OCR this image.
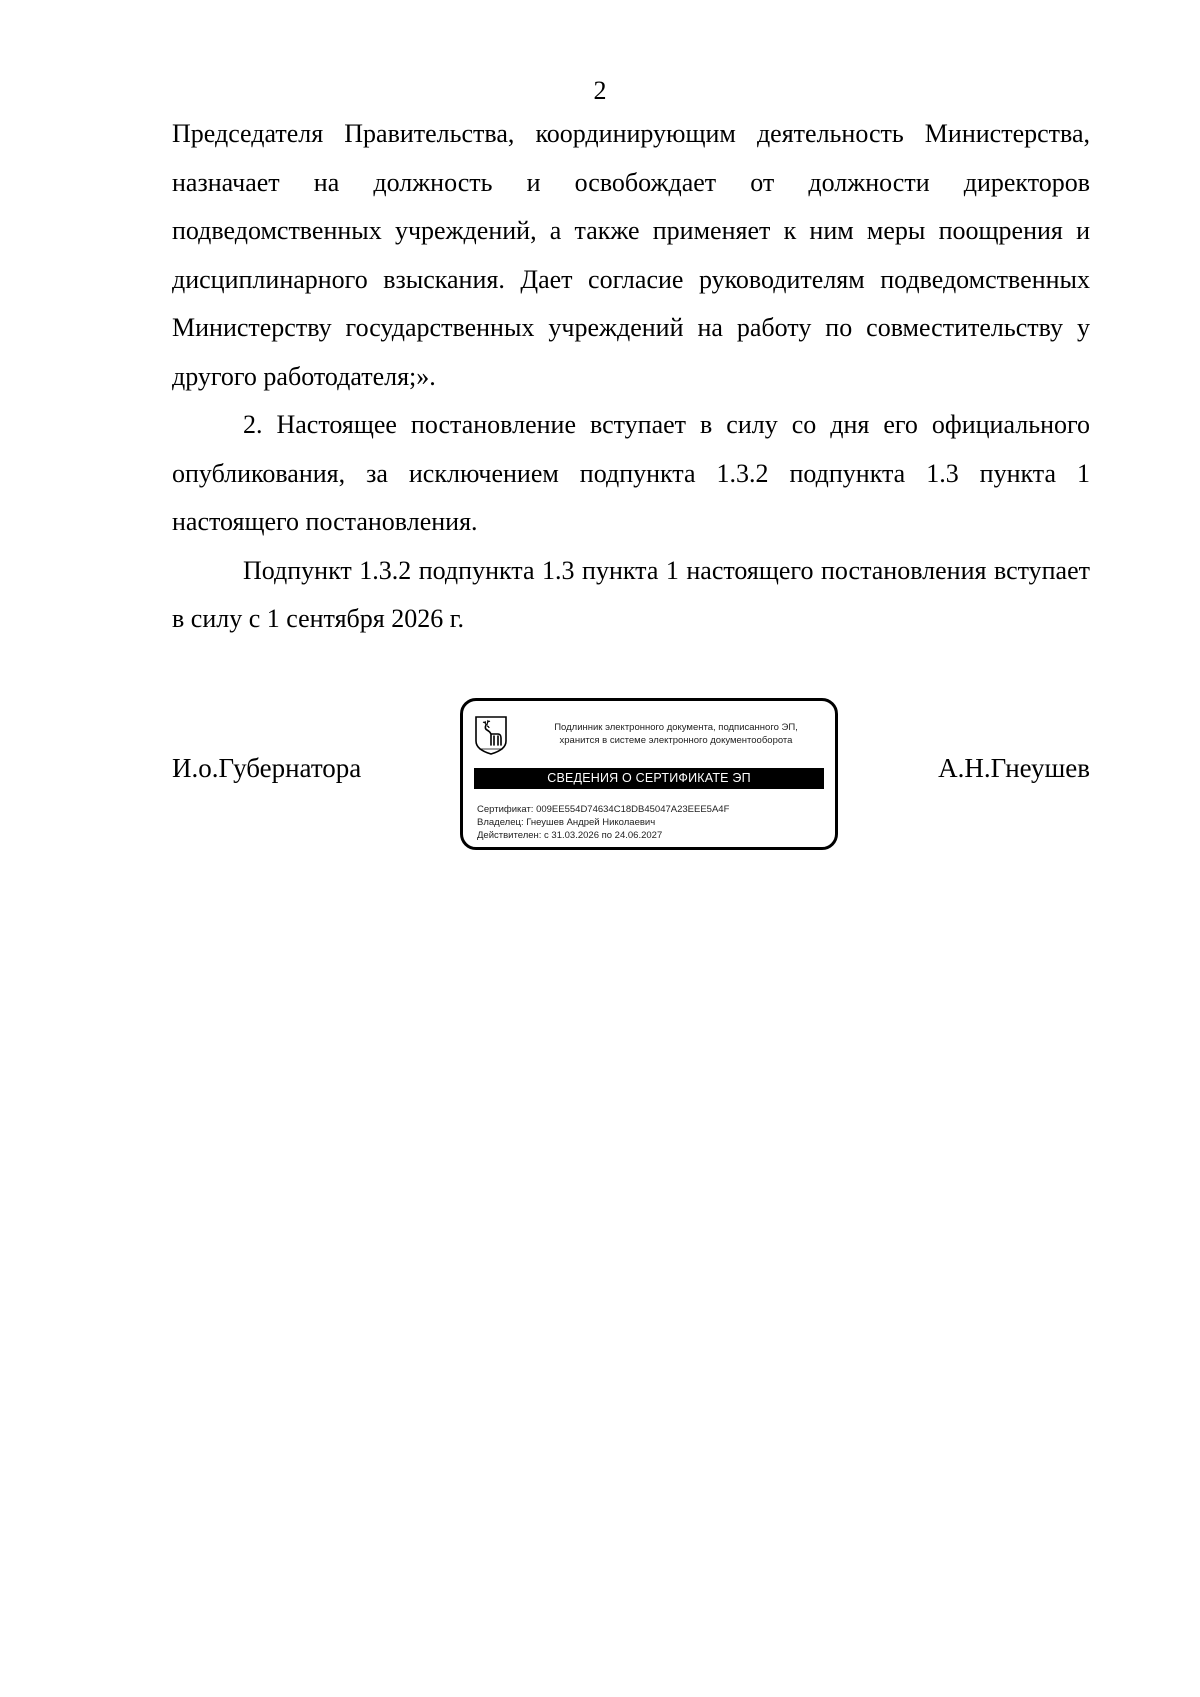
2

Председателя Правительства, координирующим деятельность Министерства, назначает на должность и освобождает от должности директоров подведомственных учреждений, а также применяет к ним меры поощрения и дисциплинарного взыскания. Дает согласие руководителям подведомственных Министерству государственных учреждений на работу по совместительству у другого работодателя;».

2. Настоящее постановление вступает в силу со дня его официального опубликования, за исключением подпункта 1.3.2 подпункта 1.3 пункта 1 настоящего постановления.

Подпункт 1.3.2 подпункта 1.3 пункта 1 настоящего постановления вступает в силу с 1 сентября 2026 г.

И.о.Губернатора
Подлинник электронного документа, подписанного ЭП,
хранится в системе электронного документооборота
СВЕДЕНИЯ О СЕРТИФИКАТЕ ЭП
Сертификат: 009EE554D74634C18DB45047A23EEE5A4F
Владелец: Гнеушев Андрей Николаевич
Действителен: с 31.03.2026 по 24.06.2027
А.Н.Гнеушев
